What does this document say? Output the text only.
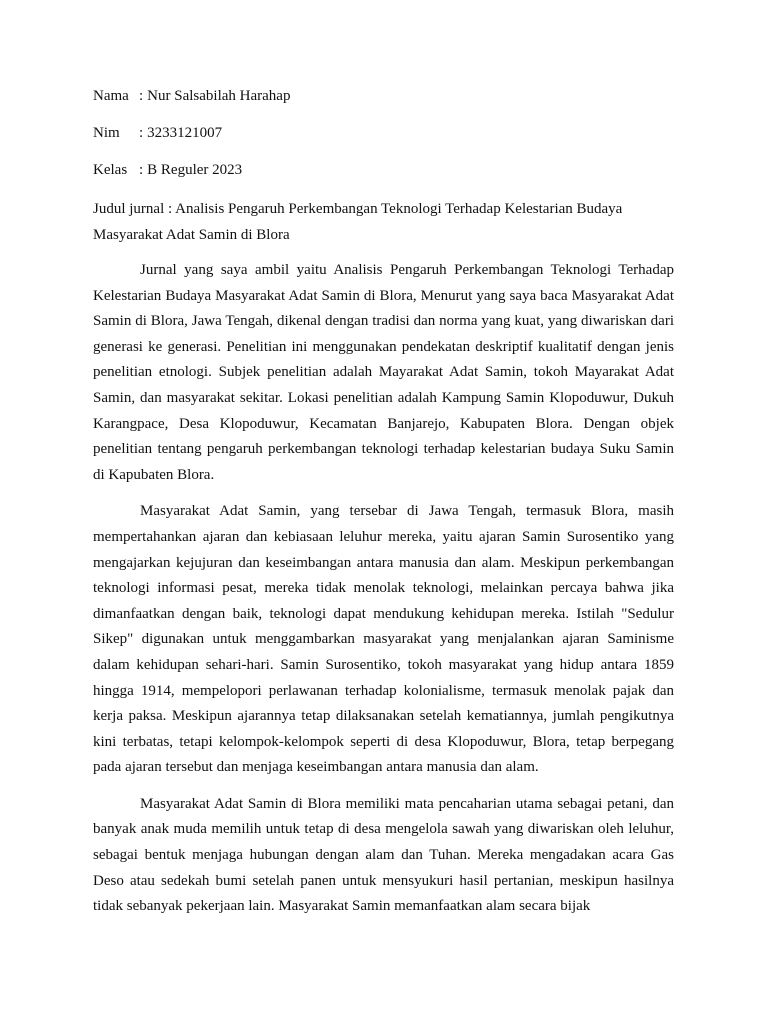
Nama : Nur Salsabilah Harahap
Nim	: 3233121007
Kelas : B Reguler 2023
Judul jurnal : Analisis Pengaruh Perkembangan Teknologi Terhadap Kelestarian Budaya Masyarakat Adat Samin di Blora

Jurnal yang saya ambil yaitu Analisis Pengaruh Perkembangan Teknologi Terhadap Kelestarian Budaya Masyarakat Adat Samin di Blora, Menurut yang saya baca Masyarakat Adat Samin di Blora, Jawa Tengah, dikenal dengan tradisi dan norma yang kuat, yang diwariskan dari generasi ke generasi. Penelitian ini menggunakan pendekatan deskriptif kualitatif dengan jenis penelitian etnologi. Subjek penelitian adalah Mayarakat Adat Samin, tokoh Mayarakat Adat Samin, dan masyarakat sekitar. Lokasi penelitian adalah Kampung Samin Klopoduwur, Dukuh Karangpace, Desa Klopoduwur, Kecamatan Banjarejo, Kabupaten Blora. Dengan objek penelitian tentang pengaruh perkembangan teknologi terhadap kelestarian budaya Suku Samin di Kapubaten Blora.

Masyarakat Adat Samin, yang tersebar di Jawa Tengah, termasuk Blora, masih mempertahankan ajaran dan kebiasaan leluhur mereka, yaitu ajaran Samin Surosentiko yang mengajarkan kejujuran dan keseimbangan antara manusia dan alam. Meskipun perkembangan teknologi informasi pesat, mereka tidak menolak teknologi, melainkan percaya bahwa jika dimanfaatkan dengan baik, teknologi dapat mendukung kehidupan mereka. Istilah "Sedulur Sikep" digunakan untuk menggambarkan masyarakat yang menjalankan ajaran Saminisme dalam kehidupan sehari-hari. Samin Surosentiko, tokoh masyarakat yang hidup antara 1859 hingga 1914, mempelopori perlawanan terhadap kolonialisme, termasuk menolak pajak dan kerja paksa. Meskipun ajarannya tetap dilaksanakan setelah kematiannya, jumlah pengikutnya kini terbatas, tetapi kelompok-kelompok seperti di desa Klopoduwur, Blora, tetap berpegang pada ajaran tersebut dan menjaga keseimbangan antara manusia dan alam.

Masyarakat Adat Samin di Blora memiliki mata pencaharian utama sebagai petani, dan banyak anak muda memilih untuk tetap di desa mengelola sawah yang diwariskan oleh leluhur, sebagai bentuk menjaga hubungan dengan alam dan Tuhan. Mereka mengadakan acara Gas Deso atau sedekah bumi setelah panen untuk mensyukuri hasil pertanian, meskipun hasilnya tidak sebanyak pekerjaan lain. Masyarakat Samin memanfaatkan alam secara bijak
